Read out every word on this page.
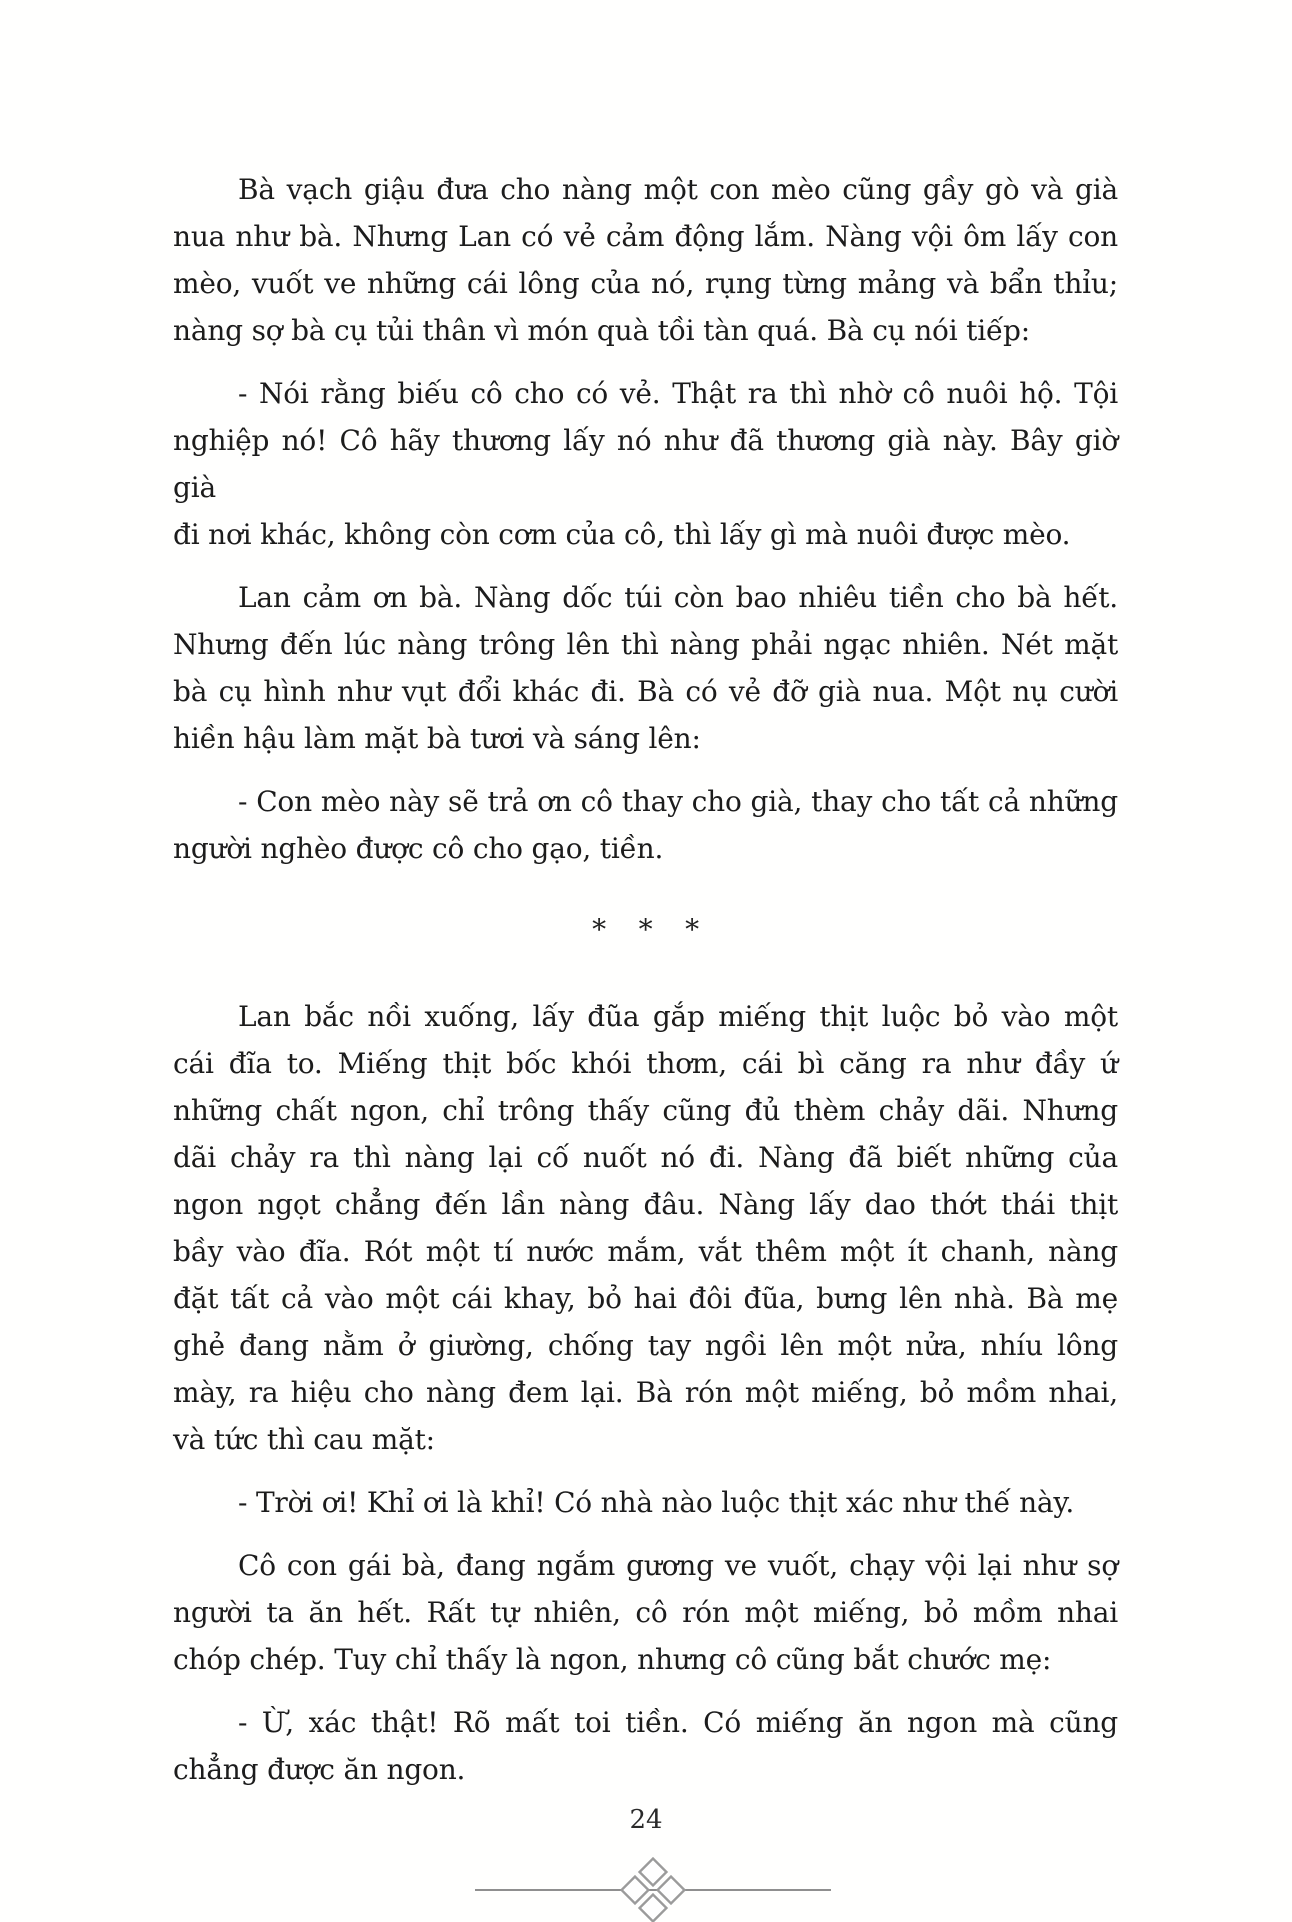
Bà vạch giậu đưa cho nàng một con mèo cũng gầy gò và già
nua như bà. Nhưng Lan có vẻ cảm động lắm. Nàng vội ôm lấy con
mèo, vuốt ve những cái lông của nó, rụng từng mảng và bẩn thỉu;
nàng sợ bà cụ tủi thân vì món quà tồi tàn quá. Bà cụ nói tiếp:
- Nói rằng biếu cô cho có vẻ. Thật ra thì nhờ cô nuôi hộ. Tội
nghiệp nó! Cô hãy thương lấy nó như đã thương già này. Bây giờ già
đi nơi khác, không còn cơm của cô, thì lấy gì mà nuôi được mèo.
Lan cảm ơn bà. Nàng dốc túi còn bao nhiêu tiền cho bà hết.
Nhưng đến lúc nàng trông lên thì nàng phải ngạc nhiên. Nét mặt
bà cụ hình như vụt đổi khác đi. Bà có vẻ đỡ già nua. Một nụ cười
hiền hậu làm mặt bà tươi và sáng lên:
- Con mèo này sẽ trả ơn cô thay cho già, thay cho tất cả những
người nghèo được cô cho gạo, tiền.
* * *
Lan bắc nồi xuống, lấy đũa gắp miếng thịt luộc bỏ vào một
cái đĩa to. Miếng thịt bốc khói thơm, cái bì căng ra như đầy ứ
những chất ngon, chỉ trông thấy cũng đủ thèm chảy dãi. Nhưng
dãi chảy ra thì nàng lại cố nuốt nó đi. Nàng đã biết những của
ngon ngọt chẳng đến lần nàng đâu. Nàng lấy dao thớt thái thịt
bầy vào đĩa. Rót một tí nước mắm, vắt thêm một ít chanh, nàng
đặt tất cả vào một cái khay, bỏ hai đôi đũa, bưng lên nhà. Bà mẹ
ghẻ đang nằm ở giường, chống tay ngồi lên một nửa, nhíu lông
mày, ra hiệu cho nàng đem lại. Bà rón một miếng, bỏ mồm nhai,
và tức thì cau mặt:
- Trời ơi! Khỉ ơi là khỉ! Có nhà nào luộc thịt xác như thế này.
Cô con gái bà, đang ngắm gương ve vuốt, chạy vội lại như sợ
người ta ăn hết. Rất tự nhiên, cô rón một miếng, bỏ mồm nhai
chóp chép. Tuy chỉ thấy là ngon, nhưng cô cũng bắt chước mẹ:
- Ừ, xác thật! Rõ mất toi tiền. Có miếng ăn ngon mà cũng
chẳng được ăn ngon.
24
